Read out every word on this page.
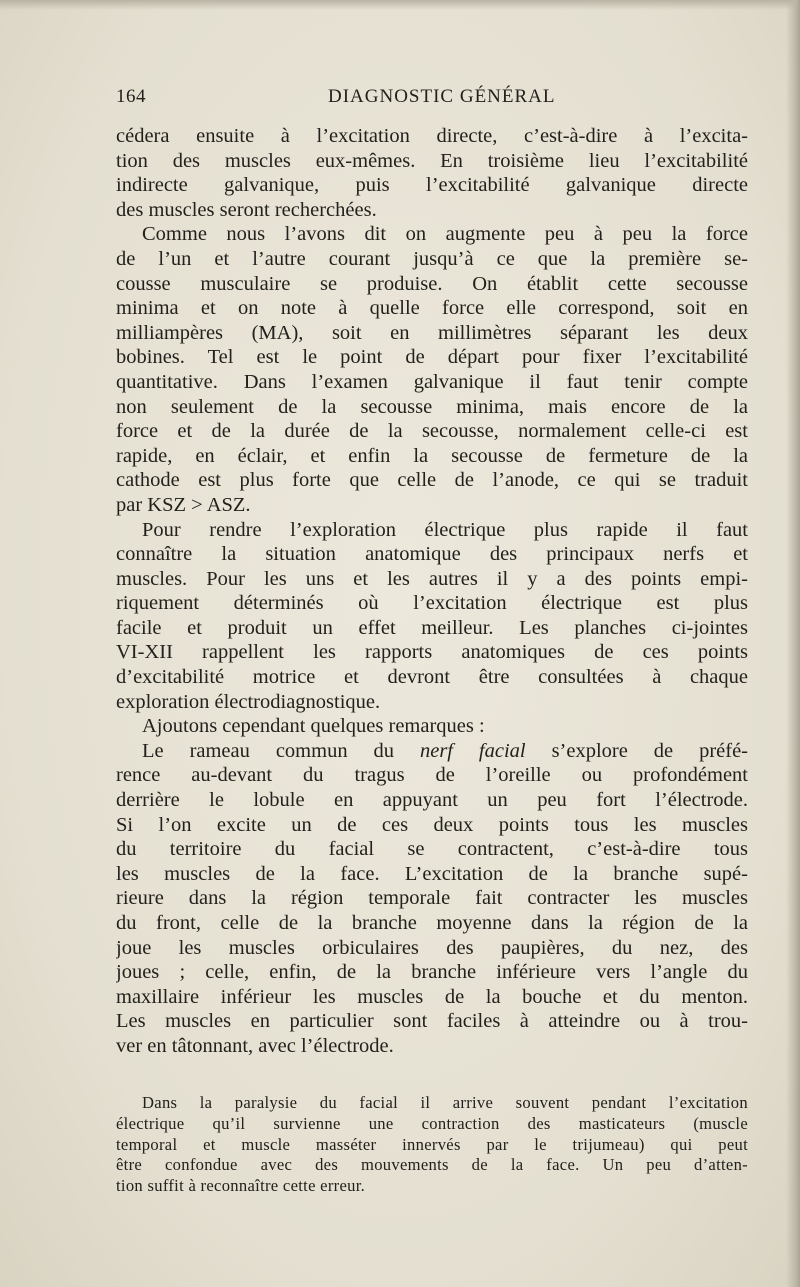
164	DIAGNOSTIC GÉNÉRAL
cédera ensuite à l’excitation directe, c’est-à-dire à l’excita-
tion des muscles eux-mêmes. En troisième lieu l’excitabilité
indirecte galvanique, puis l’excitabilité galvanique directe
des muscles seront recherchées.
Comme nous l’avons dit on augmente peu à peu la force
de l’un et l’autre courant jusqu’à ce que la première se-
cousse musculaire se produise. On établit cette secousse
minima et on note à quelle force elle correspond, soit en
milliampères (MA), soit en millimètres séparant les deux
bobines. Tel est le point de départ pour fixer l’excitabilité
quantitative. Dans l’examen galvanique il faut tenir compte
non seulement de la secousse minima, mais encore de la
force et de la durée de la secousse, normalement celle-ci est
rapide, en éclair, et enfin la secousse de fermeture de la
cathode est plus forte que celle de l’anode, ce qui se traduit
par KSZ > ASZ.
Pour rendre l’exploration électrique plus rapide il faut
connaître la situation anatomique des principaux nerfs et
muscles. Pour les uns et les autres il y a des points empi-
riquement déterminés où l’excitation électrique est plus
facile et produit un effet meilleur. Les planches ci-jointes
VI-XII rappellent les rapports anatomiques de ces points
d’excitabilité motrice et devront être consultées à chaque
exploration électrodiagnostique.
Ajoutons cependant quelques remarques :
Le rameau commun du nerf facial s’explore de préfé-
rence au-devant du tragus de l’oreille ou profondément
derrière le lobule en appuyant un peu fort l’électrode.
Si l’on excite un de ces deux points tous les muscles
du territoire du facial se contractent, c’est-à-dire tous
les muscles de la face. L’excitation de la branche supé-
rieure dans la région temporale fait contracter les muscles
du front, celle de la branche moyenne dans la région de la
joue les muscles orbiculaires des paupières, du nez, des
joues ; celle, enfin, de la branche inférieure vers l’angle du
maxillaire inférieur les muscles de la bouche et du menton.
Les muscles en particulier sont faciles à atteindre ou à trou-
ver en tâtonnant, avec l’électrode.
Dans la paralysie du facial il arrive souvent pendant l’excitation
électrique qu’il survienne une contraction des masticateurs (muscle
temporal et muscle masséter innervés par le trijumeau) qui peut
être confondue avec des mouvements de la face. Un peu d’atten-
tion suffit à reconnaître cette erreur.
